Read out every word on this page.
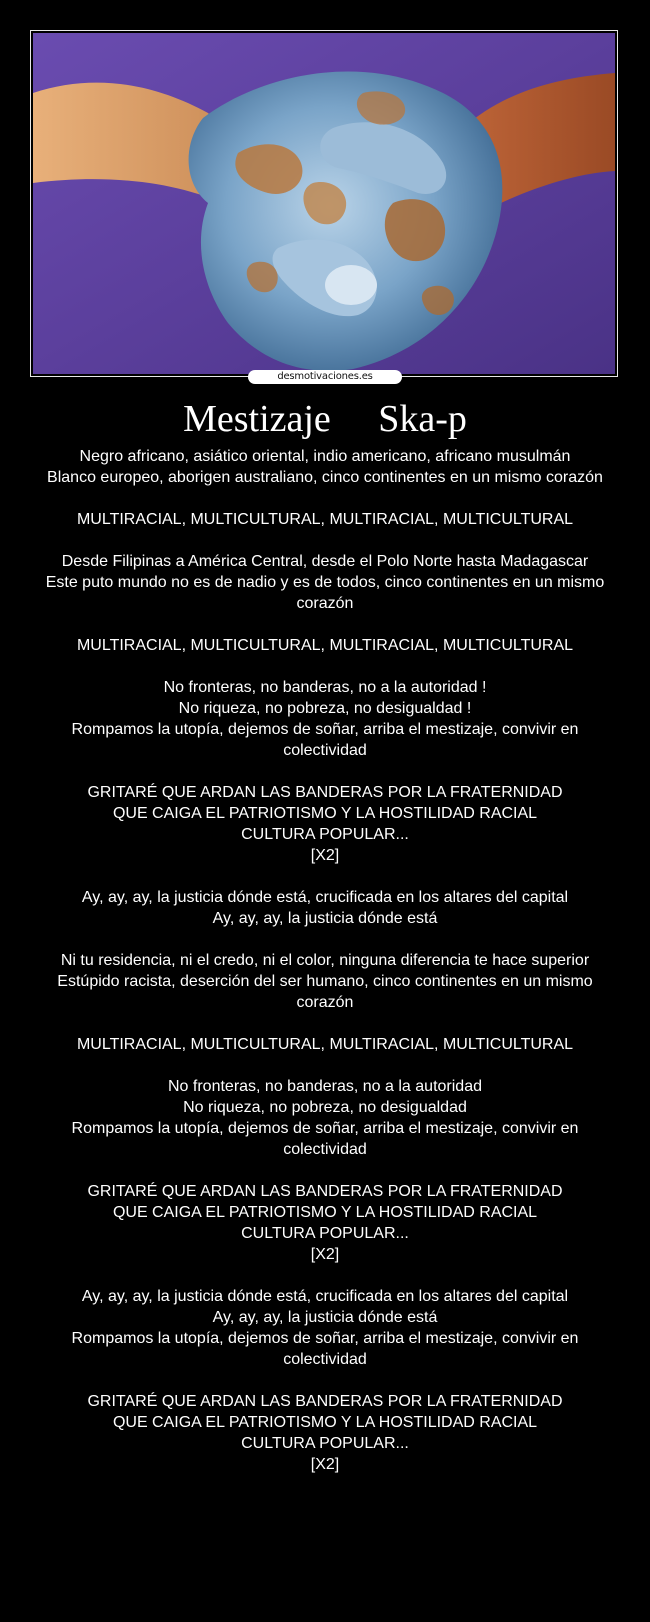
desmotivaciones.es
Mestizaje     Ska-p
Negro africano, asiático oriental, indio americano, africano musulmán
Blanco europeo, aborigen australiano, cinco continentes en un mismo corazón
MULTIRACIAL, MULTICULTURAL, MULTIRACIAL, MULTICULTURAL
Desde Filipinas a América Central, desde el Polo Norte hasta Madagascar
Este puto mundo no es de nadio y es de todos, cinco continentes en un mismo corazón
MULTIRACIAL, MULTICULTURAL, MULTIRACIAL, MULTICULTURAL
No fronteras, no banderas, no a la autoridad !
No riqueza, no pobreza, no desigualdad !
Rompamos la utopía, dejemos de soñar, arriba el mestizaje, convivir en colectividad
GRITARÉ QUE ARDAN LAS BANDERAS POR LA FRATERNIDAD
QUE CAIGA EL PATRIOTISMO Y LA HOSTILIDAD RACIAL
CULTURA POPULAR...
[X2]
Ay, ay, ay, la justicia dónde está, crucificada en los altares del capital
Ay, ay, ay, la justicia dónde está
Ni tu residencia, ni el credo, ni el color, ninguna diferencia te hace superior
Estúpido racista, deserción del ser humano, cinco continentes en un mismo corazón
MULTIRACIAL, MULTICULTURAL, MULTIRACIAL, MULTICULTURAL
No fronteras, no banderas, no a la autoridad
No riqueza, no pobreza, no desigualdad
Rompamos la utopía, dejemos de soñar, arriba el mestizaje, convivir en colectividad
GRITARÉ QUE ARDAN LAS BANDERAS POR LA FRATERNIDAD
QUE CAIGA EL PATRIOTISMO Y LA HOSTILIDAD RACIAL
CULTURA POPULAR...
[X2]
Ay, ay, ay, la justicia dónde está, crucificada en los altares del capital
Ay, ay, ay, la justicia dónde está
Rompamos la utopía, dejemos de soñar, arriba el mestizaje, convivir en colectividad
GRITARÉ QUE ARDAN LAS BANDERAS POR LA FRATERNIDAD
QUE CAIGA EL PATRIOTISMO Y LA HOSTILIDAD RACIAL
CULTURA POPULAR...
[X2]
